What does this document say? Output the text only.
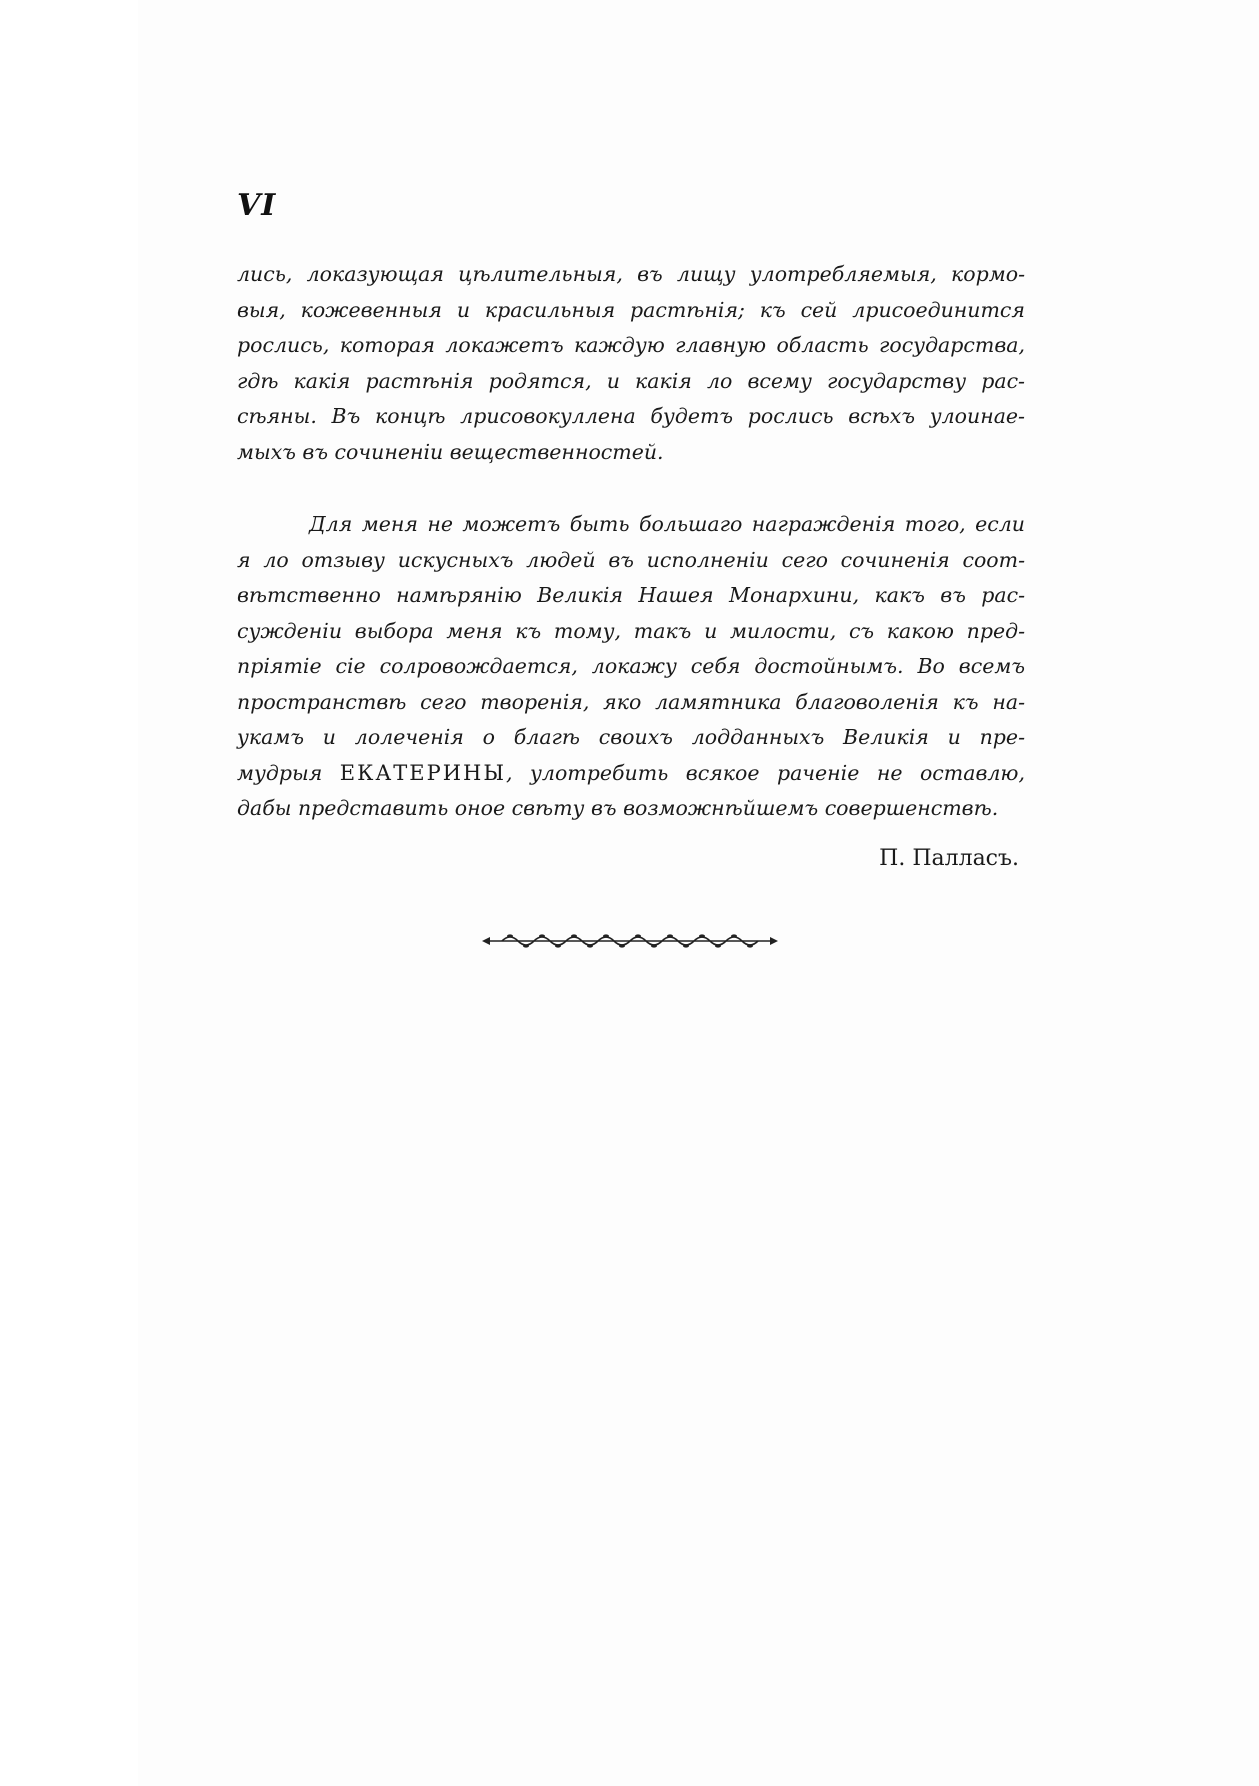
VI
лись, локазующая цѣлительныя, въ лищу улотребляемыя, кормо-
выя, кожевенныя и красильныя растѣнія; къ сей лрисоединится
рослись, которая локажетъ каждую главную область государства,
гдѣ какія растѣнія родятся, и какія ло всему государству рас-
сѣяны. Въ концѣ лрисовокуллена будетъ рослись всѣхъ улоинае-
мыхъ въ сочиненіи вещественностей.
Для меня не можетъ быть большаго награжденія того, если
я ло отзыву искусныхъ людей въ исполненіи сего сочиненія соот-
вѣтственно намѣрянію Великія Нашея Монархини, какъ въ рас-
сужденіи выбора меня къ тому, такъ и милости, съ какою пред-
пріятіе сіе солровождается, локажу себя достойнымъ. Во всемъ
пространствѣ сего творенія, яко ламятника благоволенія къ на-
укамъ и лолеченія о благѣ своихъ лодданныхъ Великія и пре-
мудрыя ЕКАТЕРИНЫ, улотребить всякое раченіе не оставлю,
дабы представить оное свѣту въ возможнѣйшемъ совершенствѣ.
П. Палласъ.
